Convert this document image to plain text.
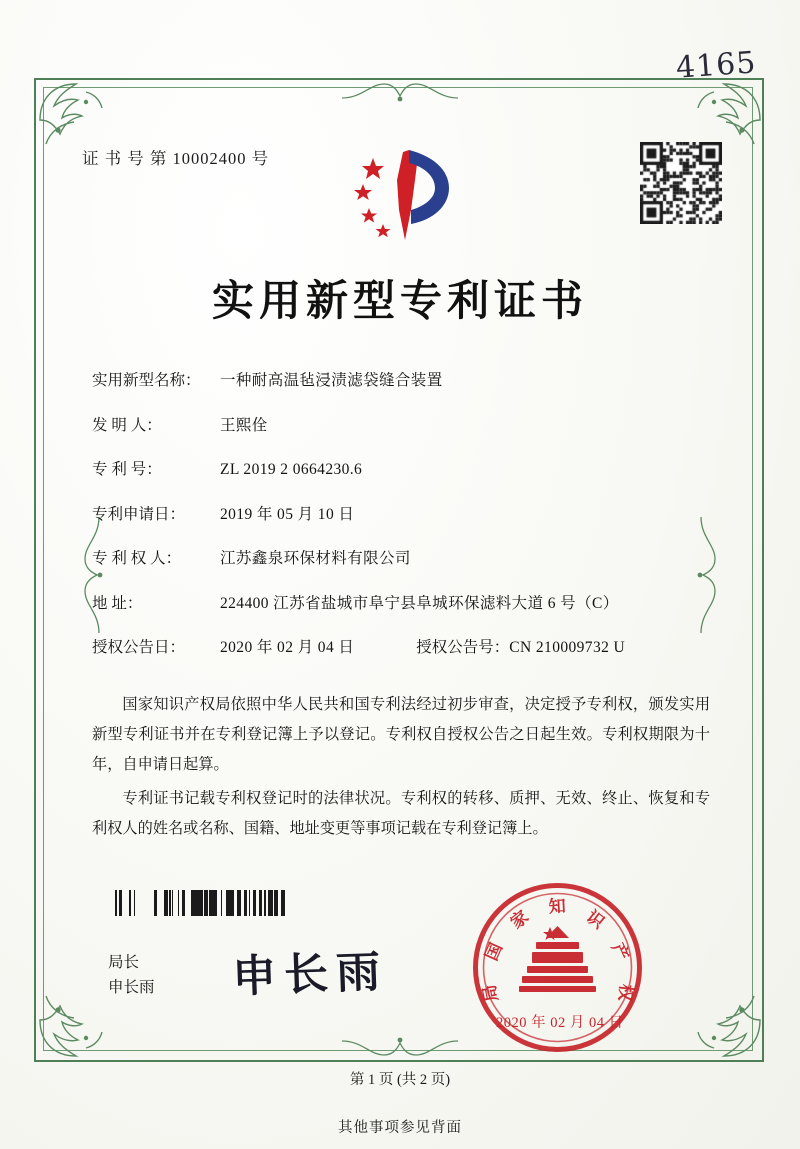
4165
证 书 号 第 10002400 号
实用新型专利证书
实用新型名称：	一种耐高温毡浸渍滤袋缝合装置
发 明 人：	王熙佺
专 利 号：	ZL 2019 2 0664230.6
专利申请日：	2019 年 05 月 10 日
专 利 权 人：	江苏鑫泉环保材料有限公司
地 址：	224400 江苏省盐城市阜宁县阜城环保滤料大道 6 号（C）
授权公告日：	2020 年 02 月 04 日	授权公告号： CN 210009732 U

国家知识产权局依照中华人民共和国专利法经过初步审查，决定授予专利权，颁发实用新型专利证书并在专利登记簿上予以登记。专利权自授权公告之日起生效。专利权期限为十年，自申请日起算。

专利证书记载专利权登记时的法律状况。专利权的转移、质押、无效、终止、恢复和专利权人的姓名或名称、国籍、地址变更等事项记载在专利登记簿上。

局长
申长雨 申长雨
知
家
国
局
识
产
权
2020 年 02 月 04 日
第 1 页 (共 2 页)
其他事项参见背面
